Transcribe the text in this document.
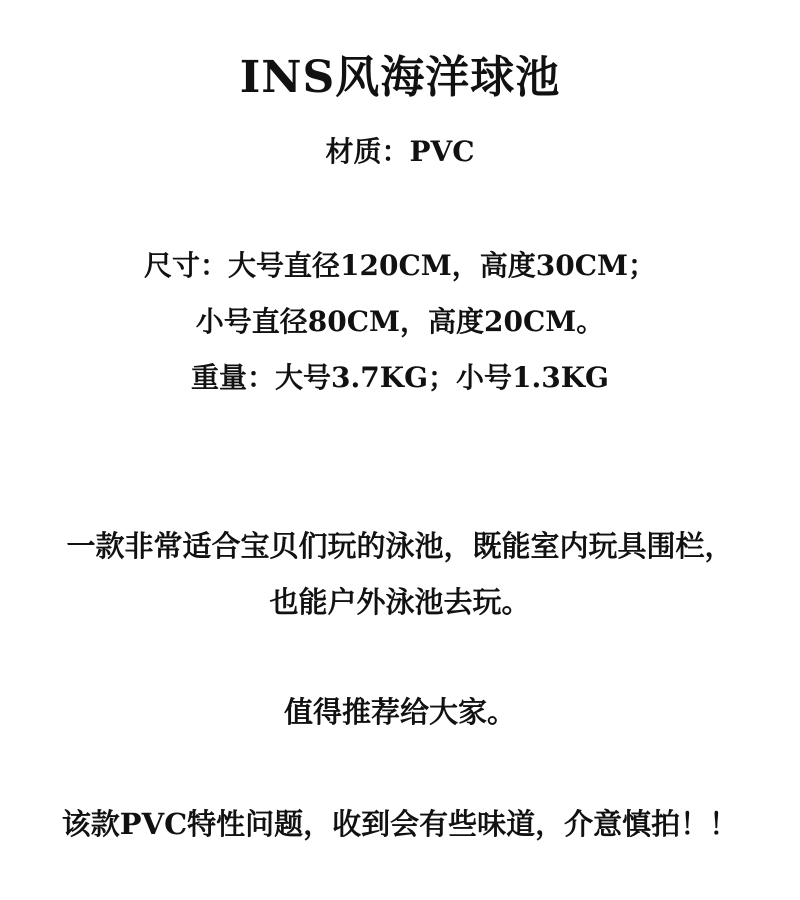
INS风海洋球池
材质：PVC
尺寸：大号直径120CM，高度30CM；
小号直径80CM，高度20CM。
重量：大号3.7KG；小号1.3KG
一款非常适合宝贝们玩的泳池，既能室内玩具围栏，
也能户外泳池去玩。
值得推荐给大家。
该款PVC特性问题，收到会有些味道，介意慎拍！！
